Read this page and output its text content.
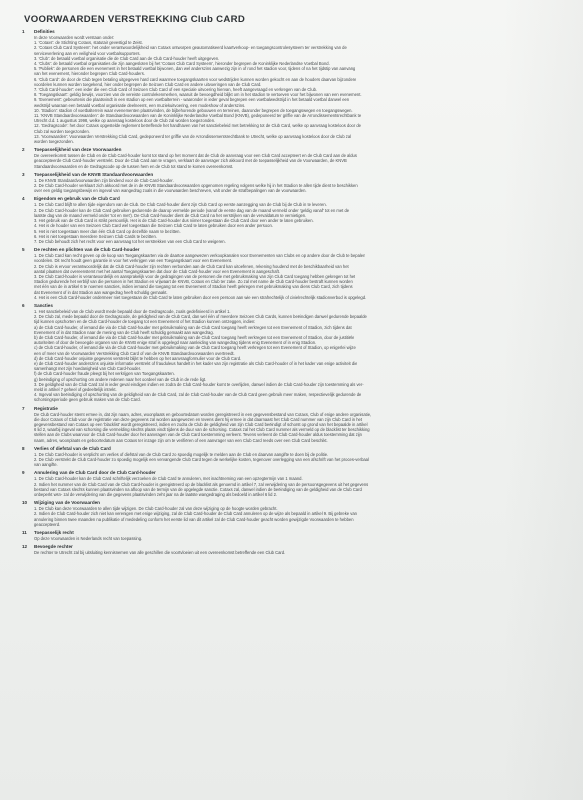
VOORWAARDEN VERSTREKKING Club CARD
1	Definities
In deze Voorwaarden wordt verstaan onder:
1. 'Cotaxs': de Stichting Cotaxs, statutair gevestigd te Zeist.
2. 'Cotaxs Club Card Systeem': het onder verantwoordelijkheid van Cotaxs ontworpen geautomatiseerd kaartverkoop- en toegangscontrolesysteem ter verstrekking van de
serviceverlening aan en veiligheid voor voetbalsupporters.
3. 'Club': de betaald voetbal organisatie die de Club Card aan de Club Card-houder heeft uitgegeven.
4. 'Clubs': de betaald voetbal organisaties die zijn aangesloten bij het 'Cotaxs Club Card Systeem', hieronder begrepen de Koninklijke Nederlandse Voetbal Bond.
5. 'Publiek': de personen die een evenement in het betaald voetbal bijwonen, dan wel anderszins aanwezig zijn in of rond het stadion voor, tijdens of na het tijdstip van aanvang
van het evenement, hieronder begrepen Club Card-houders.
6. 'Club Card': de door de Club tegen betaling uitgegeven hard card waarmee toegangskaarten voor wedstrijden kunnen worden gekocht en aan de houders daarvan bijzondere
voordelen kunnen worden toegekend, hier onder begrepen de Seizoen Club Card en andere uitvoeringen van de Club Card.
7. 'Club Card-houder': een ieder die een Club Card of Seizoen Club Card of een speciale uitvoering hiervan, heeft aangevraagd en verkregen van de Club.
8. 'Toegangskaart': geldig bewijs, voorzien van de vereiste controlekenmerken, waaruit de bevoegdheid blijkt om in het stadion te vertoeven voor het bijwonen van een evenement.
9. 'Evenement': gebeurtenis die plaatsvindt in een stadion op een voetbalterrein - waaronder in ieder geval begrepen een voetbalwedstrijd in het betaald voetbal danwel een
wedstrijd waaraan een betaald voetbal organisatie deelneemt, een muziekuitvoering, een modeshow of anderszins.
10. 'Stadion': stadion of voetbalterrein waar evenementen plaatsvinden, de bijbehorende gebouwen en terreinen, daaronder begrepen de toegangswegen en toegangswegen.
11. 'KNVB Standaardvoorwaarden': de Standaardvoorwaarden van de Koninklijke Nederlandse Voetbal Bond (KNVB), gedeponeerd ter griffie van de Arrondissementsrechtbank te
Utrecht d.d. 1 augustus 1998, welke op aanvraag kosteloos door de Club zal worden toegezonden.
12. 'Gedragscode': het door Cotaxs opgestelde reglement betreffende het handhaven van het sanctiebeleid met betrekking tot de Club Card, welke op aanvraag kosteloos door de
Club zal worden toegezonden.
13. 'Voorwaarden': Voorwaarden Verstrekking Club Card, gedeponeerd ter griffie van de Arrondissementsrechtbank te Utrecht, welke op aanvraag kosteloos door de Club zal
worden toegezonden.
2	Toepasselijkheid van deze Voorwaarden
De overeenkomst tussen de Club en de Club Card-houder komt tot stand op het moment dat de Club de aanvraag voor een Club Card accepteert en de Club Card aan de aldus
geaccepteerde Club Card-houder verstrekt. Door de Club Card aan te vragen, verklaart de aanvrager zich akkoord met de toepasselijkheid van de Voorwaarden, de KNVB
Standaardvoorwaarden en de Gedragscode op de tussen hem en de Club tot stand te komen overeenkomst.
3	Toepasselijkheid van de KNVB Standaardvoorwaarden
1. De KNVB Standaardvoorwaarden zijn bindend voor de Club Card-houder.
2. De Club Card-houder verklaart zich akkoord met de in de KNVB Standaardvoorwaarden opgenomen regeling volgens welke hij in het Stadion te allen tijde dient te beschikken
over een geldig toegangsbewijs en ingeval van wangedrag zoals in die voorwaarden beschreven, valt onder de strafbepalingen van de voorwaarden.
4	Eigendom en gebruik van de Club Card
1. De Club Card blijft te allen tijde eigendom van de Club. De Club Card-houder dient zijn Club Card op eerste aanzegging van de Club bij de Club in te leveren.
2. De Club Card-houder kan de Club Card gebruiken gedurende de daarop vermelde periode (vanaf de eerste dag van de maand vermeld onder 'geldig vanaf' tot en met de
laatste dag van de maand vermeld onder 'tot en met'). De Club Card-houder dient de Club Card na het verstrijken van de vervaldatum te vernietigen.
3. Het gebruik van de Club Card is strikt persoonlijk. Het is de Club Card-houder dus niimer toegestaan die Club Card door een ander te laten gebruiken.
4. Het is de houder van een Seizoen Club Card wel toegestaan die Seizoen Club Card te laten gebruiken door een ander persoon.
5. Het is niet toegestaan meer dan één Club Card op dezelfde naam te bezitten.
6. Het is niet toegestaan meerdere Seizoen Club Cards te bezitten.
7. De Club behoudt zich het recht voor een aanvraag tot het verstrekken van een Club Card te weigeren.
5	De rechten en plichten van de Club Card-houder
1. De Club Card kan recht geven op de koop van Toegangskaarten via de daartoe aangewezen verkoopkanalen voor Evenementen van Clubs en op andere door de Club te bepalen
voordelen. Dit recht houdt geen garantie in voor het verkrijgen van een Toegangskaart voor een Evenement.
2. De Club is ervoor verantwoordelijk dat de Club Card-houder zijn rechten verbonden aan de Club Card kan uitoefenen, rekening houdend met de beschikbaarheid van het
aantal plaatsen dat overeenstemt met het aantal Toegangskaarten dat door de Club Card-houder voor een Evenement is aangeschaft.
3. De Club Card-houder is verantwoordelijk en aansprakelijk voor de gedragingen van de personen die met gebruikmaking van zijn Club Card toegang hebben gekregen tot het
Stadion gedurende het verblijf van die personen in het Stadion en vrijwaart de KNVB, Cotaxs en Club ter zake. Zo zal met name de Club Card-houder bestraft kunnen worden
met één van de in artikel 6 te noemen sancties, indien iemand die toegang tot een Evenement of Stadion heeft gekregen met gebruikmaking van diens Club Card, zich tijdens
dat Evenement of in dat Stadion aan wangedrag heeft schuldig gemaakt.
4. Het is een Club Card-houder ondermeer niet toegestaan de Club Card te laten gebruiken door een persoon aan wie een strafrechtelijk of civielrechtelijk stadionverbod is opgelegd.
6	Sancties
1. Het sanctiebeleid van de Club wordt mede bepaald door de Gedragscode, zoals gedefinieerd in artikel 1.
2. De Club zal, mede bepaald door de Gedragscode, de geldigheid van de Club Card, dan wel één of meerdere Seizoen Club Cards, kunnen beëindigen danwel gedurende bepaalde
tijd kunnen opschorten en de Club Card-houder de toegang tot een Evenement of het Stadion kunnen ontzeggen, indien:
a) de Club Card-houder, of iemand die via de Club Card-houder met gebruikmaking van de Club Card toegang heeft verkregen tot een Evenement of Stadion, zich tijdens dat
Evenement of in dat Stadion naar de mening van de Club heeft schuldig gemaakt aan wangedrag.
b) de Club Card-houder, of iemand die via de Club Card-houder met gebruikmaking van de Club Card toegang heeft verkregen tot een Evenement of Stadion, door de justitiële
autoriteiten of door de bevoegde organen van de KNVB enige straf is opgelegd naar aanleiding van wangedrag tijdens enig Evenement of in enig Stadion.
c) de Club Card-houder, of iemand die via de Club Card-houder met gebruikmaking van de Club Card toegang heeft verkregen tot een Evenement of Stadion, op enigerlei wijze
een of meer van de Voorwaarden Verstrekking Club Card of van de KNVB Standaardvoorwaarden overtreedt.
d) de Club Card-houder onjuiste gegevens verstrekt blijkt te hebben op het aanvraagformulier voor de Club Card.
e) de Club Card-houder anderszins onjuiste informatie verstrekt of frauduleus handelt in het kader van zijn registratie als Club Card-houder of in het kader van enige activiteit die
samenhangt met zijn hoedanigheid van Club Card-houder.
f) de Club Card-houder fraude pleegt bij het verkrijgen van Toegangskaarten.
g) beëindiging of opschorting om andere redenen naar het oordeel van de Club in de rede ligt.
3. De geldigheid van de Club Card zal in ieder geval eindigen indien en zodra de Club Card-houder komt te overlijden, danwel indien de Club Card-houder zijn toestemming als ver-
meld in artikel 7 geheel of gedeeltelijk intrekt.
4. Ingeval van beëindiging of opschorting van de geldigheid van de Club Card, zal de Club Card-houder van de Club Card geen gebruik meer maken, respectievelijk gedurende de
schorsingsperiode geen gebruik maken van de Club Card.
7	Registratie
De Club Card-houder stemt ermee in, dat zijn naam, adres, woonplaats en geboortedatum worden geregistreerd in een gegevensbestand van Cotaxs, Club of enige andere organisatie,
die door Cotaxs of Club voor de registratie van deze gegevens zal worden aangewezen en tevens dient hij ermee in dat daarnaast het Club Card nummer van zijn Club Card in het
gegevensbestand van Cotaxs op een 'blacklist' wordt geregistreerd, indien en zodra de Club de geldigheid van zijn Club Card beëindigt of schorst op grond van het bepaalde in artikel
6 lid 2, waarbij ingeval van schorsing die vermelding slechts plaats vindt tijdens de duur van de schorsing. Cotaxs zal het Club Card nummer als vermeld op de blacklist ter beschikking
stellen aan de Clubs waarvoor de Club Card-houder door het aanvragen van de Club Card toestemming verleent. Tevens verleent de Club Card-houder aldus toestemming dat zijn
naam, adres, woonplaats en geboortedatum aan Cotaxs ter inzage zijn om te verifiëren of een aanvrager van een Club Card reeds over een Club Card beschikt.
8	Verlies of diefstal van de Club Card
1. De Club Card-houder is verplicht om verlies of diefstal van de Club Card zo spoedig mogelijk te melden aan de Club en daarvan aangifte te doen bij de politie.
2. De Club verstrekt de Club Card-houder zo spoedig mogelijk een vervangende Club Card tegen de werkelijke kosten, tegenover overlegging van een afschrift van het proces-verbaal
van aangifte.
9	Annulering van de Club Card door de Club Card-houder
1. De Club Card-houder kan de Club Card schriftelijk verzoeken de Club Card te annuleren, met inachtneming van een opzegtermijn van 1 maand.
2. Indien het nummer van de Club Card van de Club Card-houder is geregistreerd op de blacklist als genoemd in artikel 7, zal verwijdering van de persoonsgegevens uit het gegevens
bestand van Cotaxs slechts kunnen plaatsvinden na afloop van de termijn van de opgelegde sanctie. Cotaxs zal, danwel indien de beëindiging van de geldigheid van de Club Card
onbeperkt wsn- zal de verwijdering van die gegevens plaatsvinden zeht jaar na de laatste wangedraging als bedoeld in artikel 6 lid 2.
10	Wijziging van de Voorwaarden
1. De Club kan deze Voorwaarden te allen tijde wijzigen. De Club Card-houder zal van deze wijziging op de hoogte worden gebracht.
2. Indien de Club Card-houder zich niet kan verenigen met enige wijziging, zal de Club Card-houder de Club Card annuleren op de wijze als bepaald in artikel 9. Bij gebreke van
annulering binnen twee maanden na publikatie of mededeling conform het eerste lid van dit artikel zal de Club Card-houder geacht worden gewijzigde Voorwaarden te hebben
geaccepteerd.
11	Toepasselijk recht
Op deze Voorwaarden is Nederlands recht van toepassing.
12	Bevoegde rechter
De rechter te Utrecht zal bij uitsluiting kennisnemen van alle geschillen die voortvloeien uit een overeenkomst betreffende een Club Card.
